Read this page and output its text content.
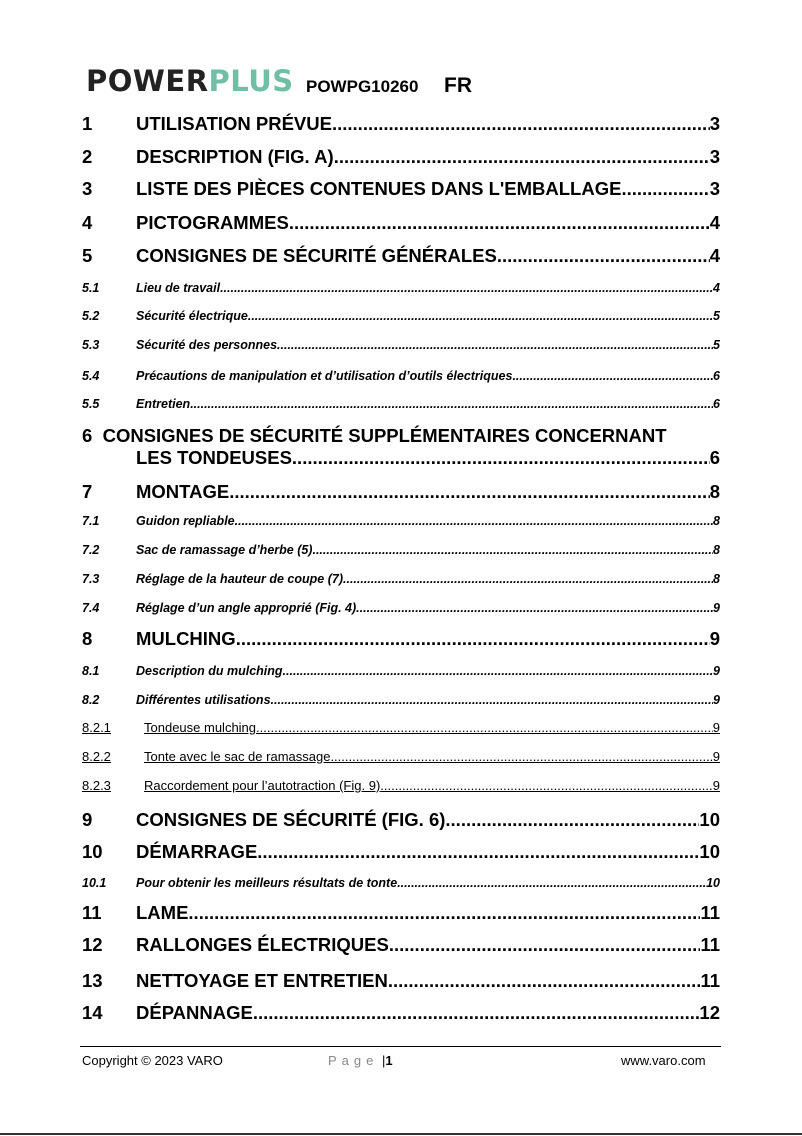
POWERPLUS POWPG10260 FR
1	UTILISATION PRÉVUE .....	3
2	DESCRIPTION (FIG. A) .....	3
3	LISTE DES PIÈCES CONTENUES DANS L'EMBALLAGE .....	3
4	PICTOGRAMMES .....	4
5	CONSIGNES DE SÉCURITÉ GÉNÉRALES .....	4
5.1	Lieu de travail .....	4
5.2	Sécurité électrique .....	5
5.3	Sécurité des personnes .....	5
5.4	Précautions de manipulation et d’utilisation d’outils électriques .....	6
5.5	Entretien .....	6
6 CONSIGNES DE SÉCURITÉ SUPPLÉMENTAIRES CONCERNANT
LES TONDEUSES .....	6
7	MONTAGE .....	8
7.1	Guidon repliable .....	8
7.2	Sac de ramassage d’herbe (5) .....	8
7.3	Réglage de la hauteur de coupe (7) .....	8
7.4	Réglage d’un angle approprié (Fig. 4) .....	9
8	MULCHING .....	9
8.1	Description du mulching .....	9
8.2	Différentes utilisations .....	9
8.2.1	Tondeuse mulching .....	9
8.2.2	Tonte avec le sac de ramassage .....	9
8.2.3	Raccordement pour l’autotraction (Fig. 9) .....	9
9	CONSIGNES DE SÉCURITÉ (FIG. 6) .....	10
10	DÉMARRAGE .....	10
10.1	Pour obtenir les meilleurs résultats de tonte .....	10
11	LAME .....	11
12	RALLONGES ÉLECTRIQUES .....	11
13	NETTOYAGE ET ENTRETIEN .....	11
14	DÉPANNAGE .....	12
Copyright © 2023 VARO	Page |1	www.varo.com
